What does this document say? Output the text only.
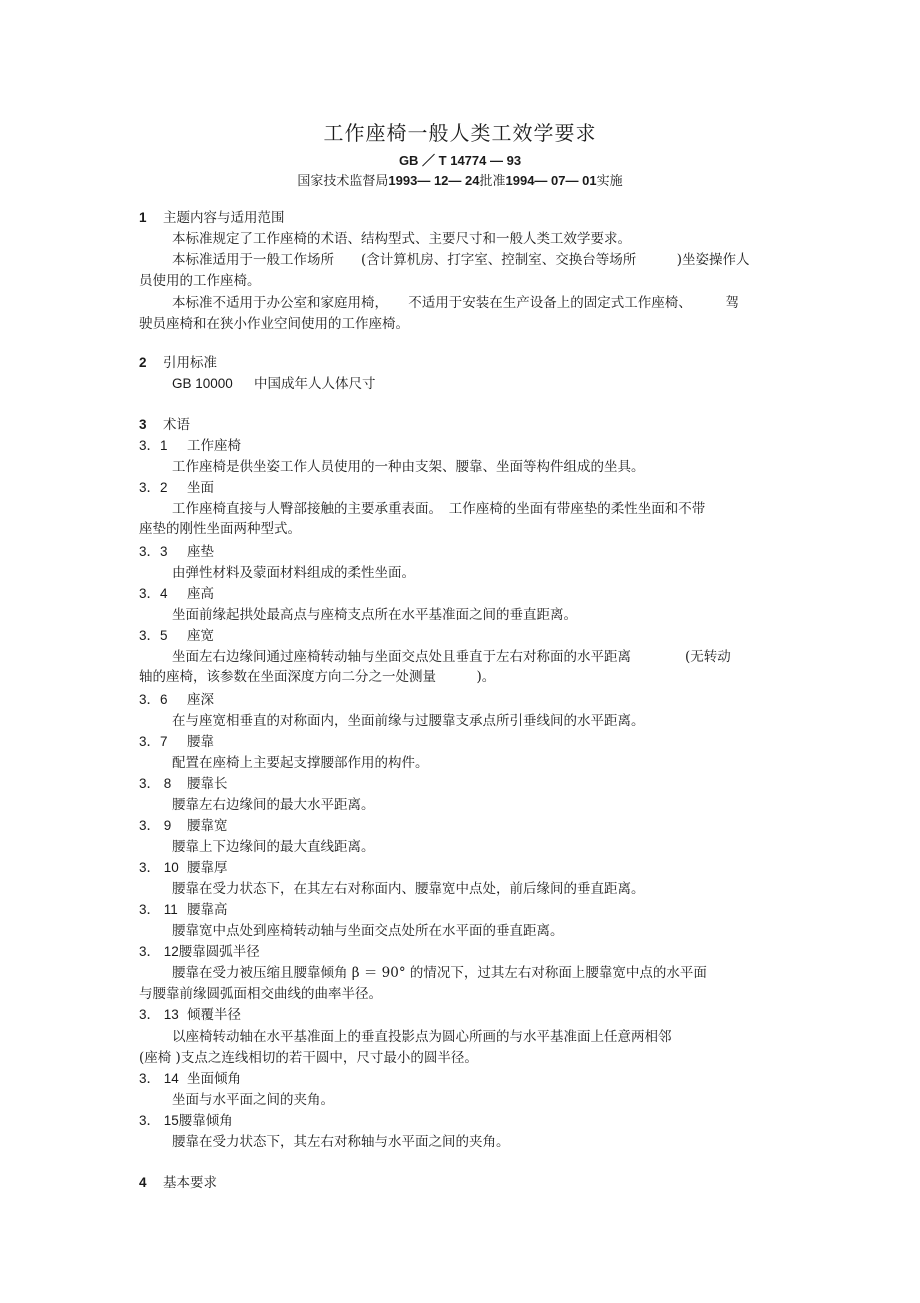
工作座椅一般人类工效学要求
GB ／ T 14774 — 93
国家技术监督局1993— 12— 24批准1994— 07— 01实施
1 主题内容与适用范围
本标准规定了工作座椅的术语、结构型式、主要尺寸和一般人类工效学要求。
本标准适用于一般工作场所　　(含计算机房、打字室、控制室、交换台等场所　　　)坐姿操作人
员使用的工作座椅。
本标准不适用于办公室和家庭用椅，　　不适用于安装在生产设备上的固定式工作座椅、　　　驾
驶员座椅和在狭小作业空间使用的工作座椅。
2 引用标准
GB 10000 中国成年人人体尺寸
3 术语
3．1 工作座椅
工作座椅是供坐姿工作人员使用的一种由支架、腰靠、坐面等构件组成的坐具。
3．2 坐面
工作座椅直接与人臀部接触的主要承重表面。　工作座椅的坐面有带座垫的柔性坐面和不带
座垫的刚性坐面两种型式。
3．3 座垫
由弹性材料及蒙面材料组成的柔性坐面。
3．4 座高
坐面前缘起拱处最高点与座椅支点所在水平基准面之间的垂直距离。
3．5 座宽
坐面左右边缘间通过座椅转动轴与坐面交点处且垂直于左右对称面的水平距离　　　　(无转动
轴的座椅，该参数在坐面深度方向二分之一处测量　　　)。
3．6 座深
在与座宽相垂直的对称面内，坐面前缘与过腰靠支承点所引垂线间的水平距离。
3．7 腰靠
配置在座椅上主要起支撑腰部作用的构件。
3． 8 腰靠长
腰靠左右边缘间的最大水平距离。
3． 9 腰靠宽
腰靠上下边缘间的最大直线距离。
3． 10 腰靠厚
腰靠在受力状态下，在其左右对称面内、腰靠宽中点处，前后缘间的垂直距离。
3． 11 腰靠高
腰靠宽中点处到座椅转动轴与坐面交点处所在水平面的垂直距离。
3． 12腰靠圆弧半径
腰靠在受力被压缩且腰靠倾角 β ＝ 90° 的情况下，过其左右对称面上腰靠宽中点的水平面
与腰靠前缘圆弧面相交曲线的曲率半径。
3． 13 倾覆半径
以座椅转动轴在水平基准面上的垂直投影点为圆心所画的与水平基准面上任意两相邻
(座椅 )支点之连线相切的若干圆中，尺寸最小的圆半径。
3． 14 坐面倾角
坐面与水平面之间的夹角。
3． 15腰靠倾角
腰靠在受力状态下，其左右对称轴与水平面之间的夹角。
4 基本要求
